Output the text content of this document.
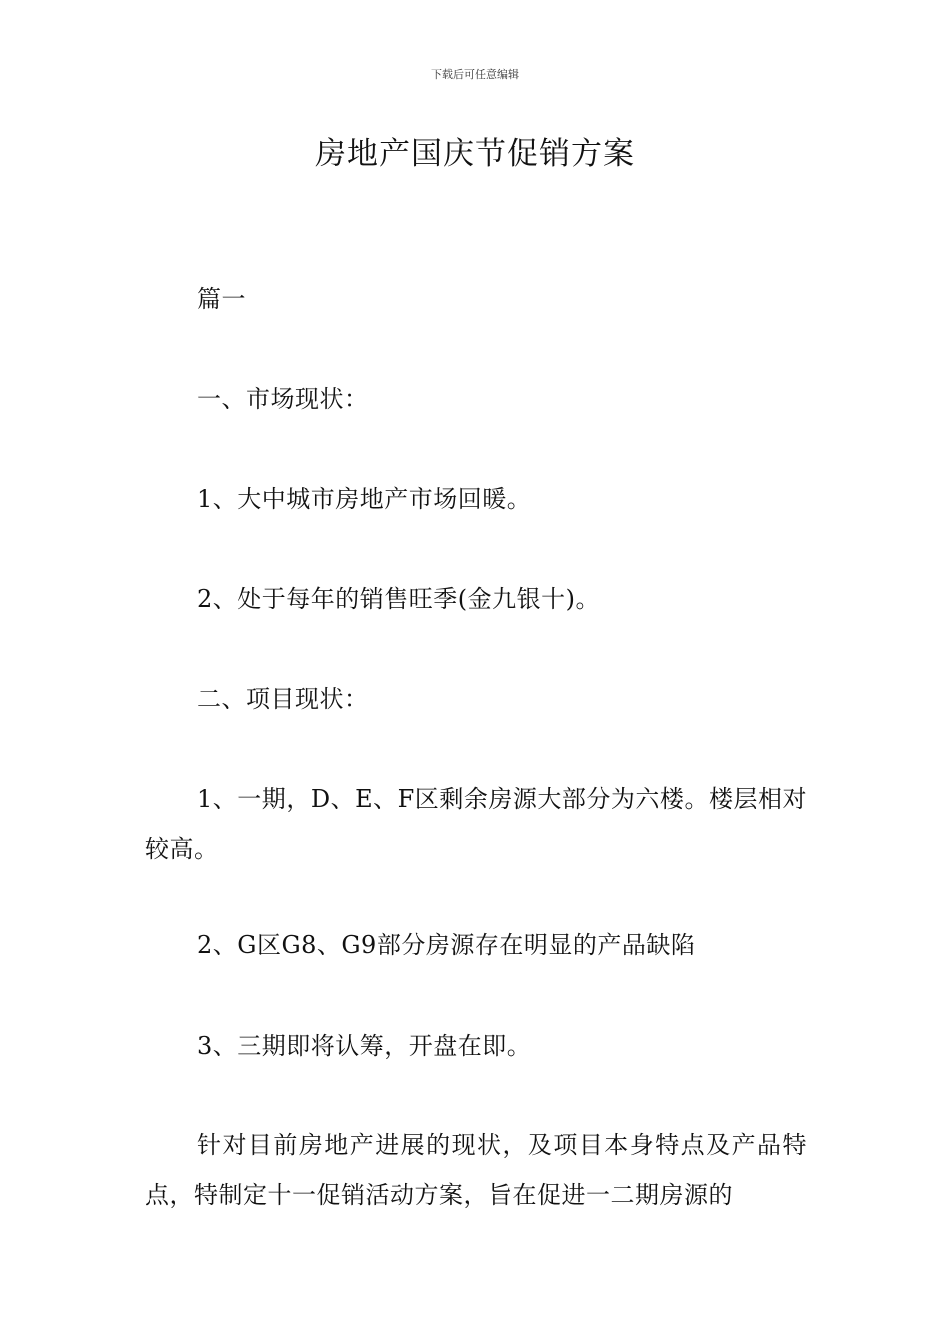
下载后可任意编辑
房地产国庆节促销方案
篇一
一、市场现状：
1、大中城市房地产市场回暖。
2、处于每年的销售旺季(金九银十)。
二、项目现状：
1、一期，D、E、F区剩余房源大部分为六楼。楼层相对较高。
2、G区G8、G9部分房源存在明显的产品缺陷
3、三期即将认筹，开盘在即。
针对目前房地产进展的现状，及项目本身特点及产品特点，特制定十一促销活动方案，旨在促进一二期房源的
